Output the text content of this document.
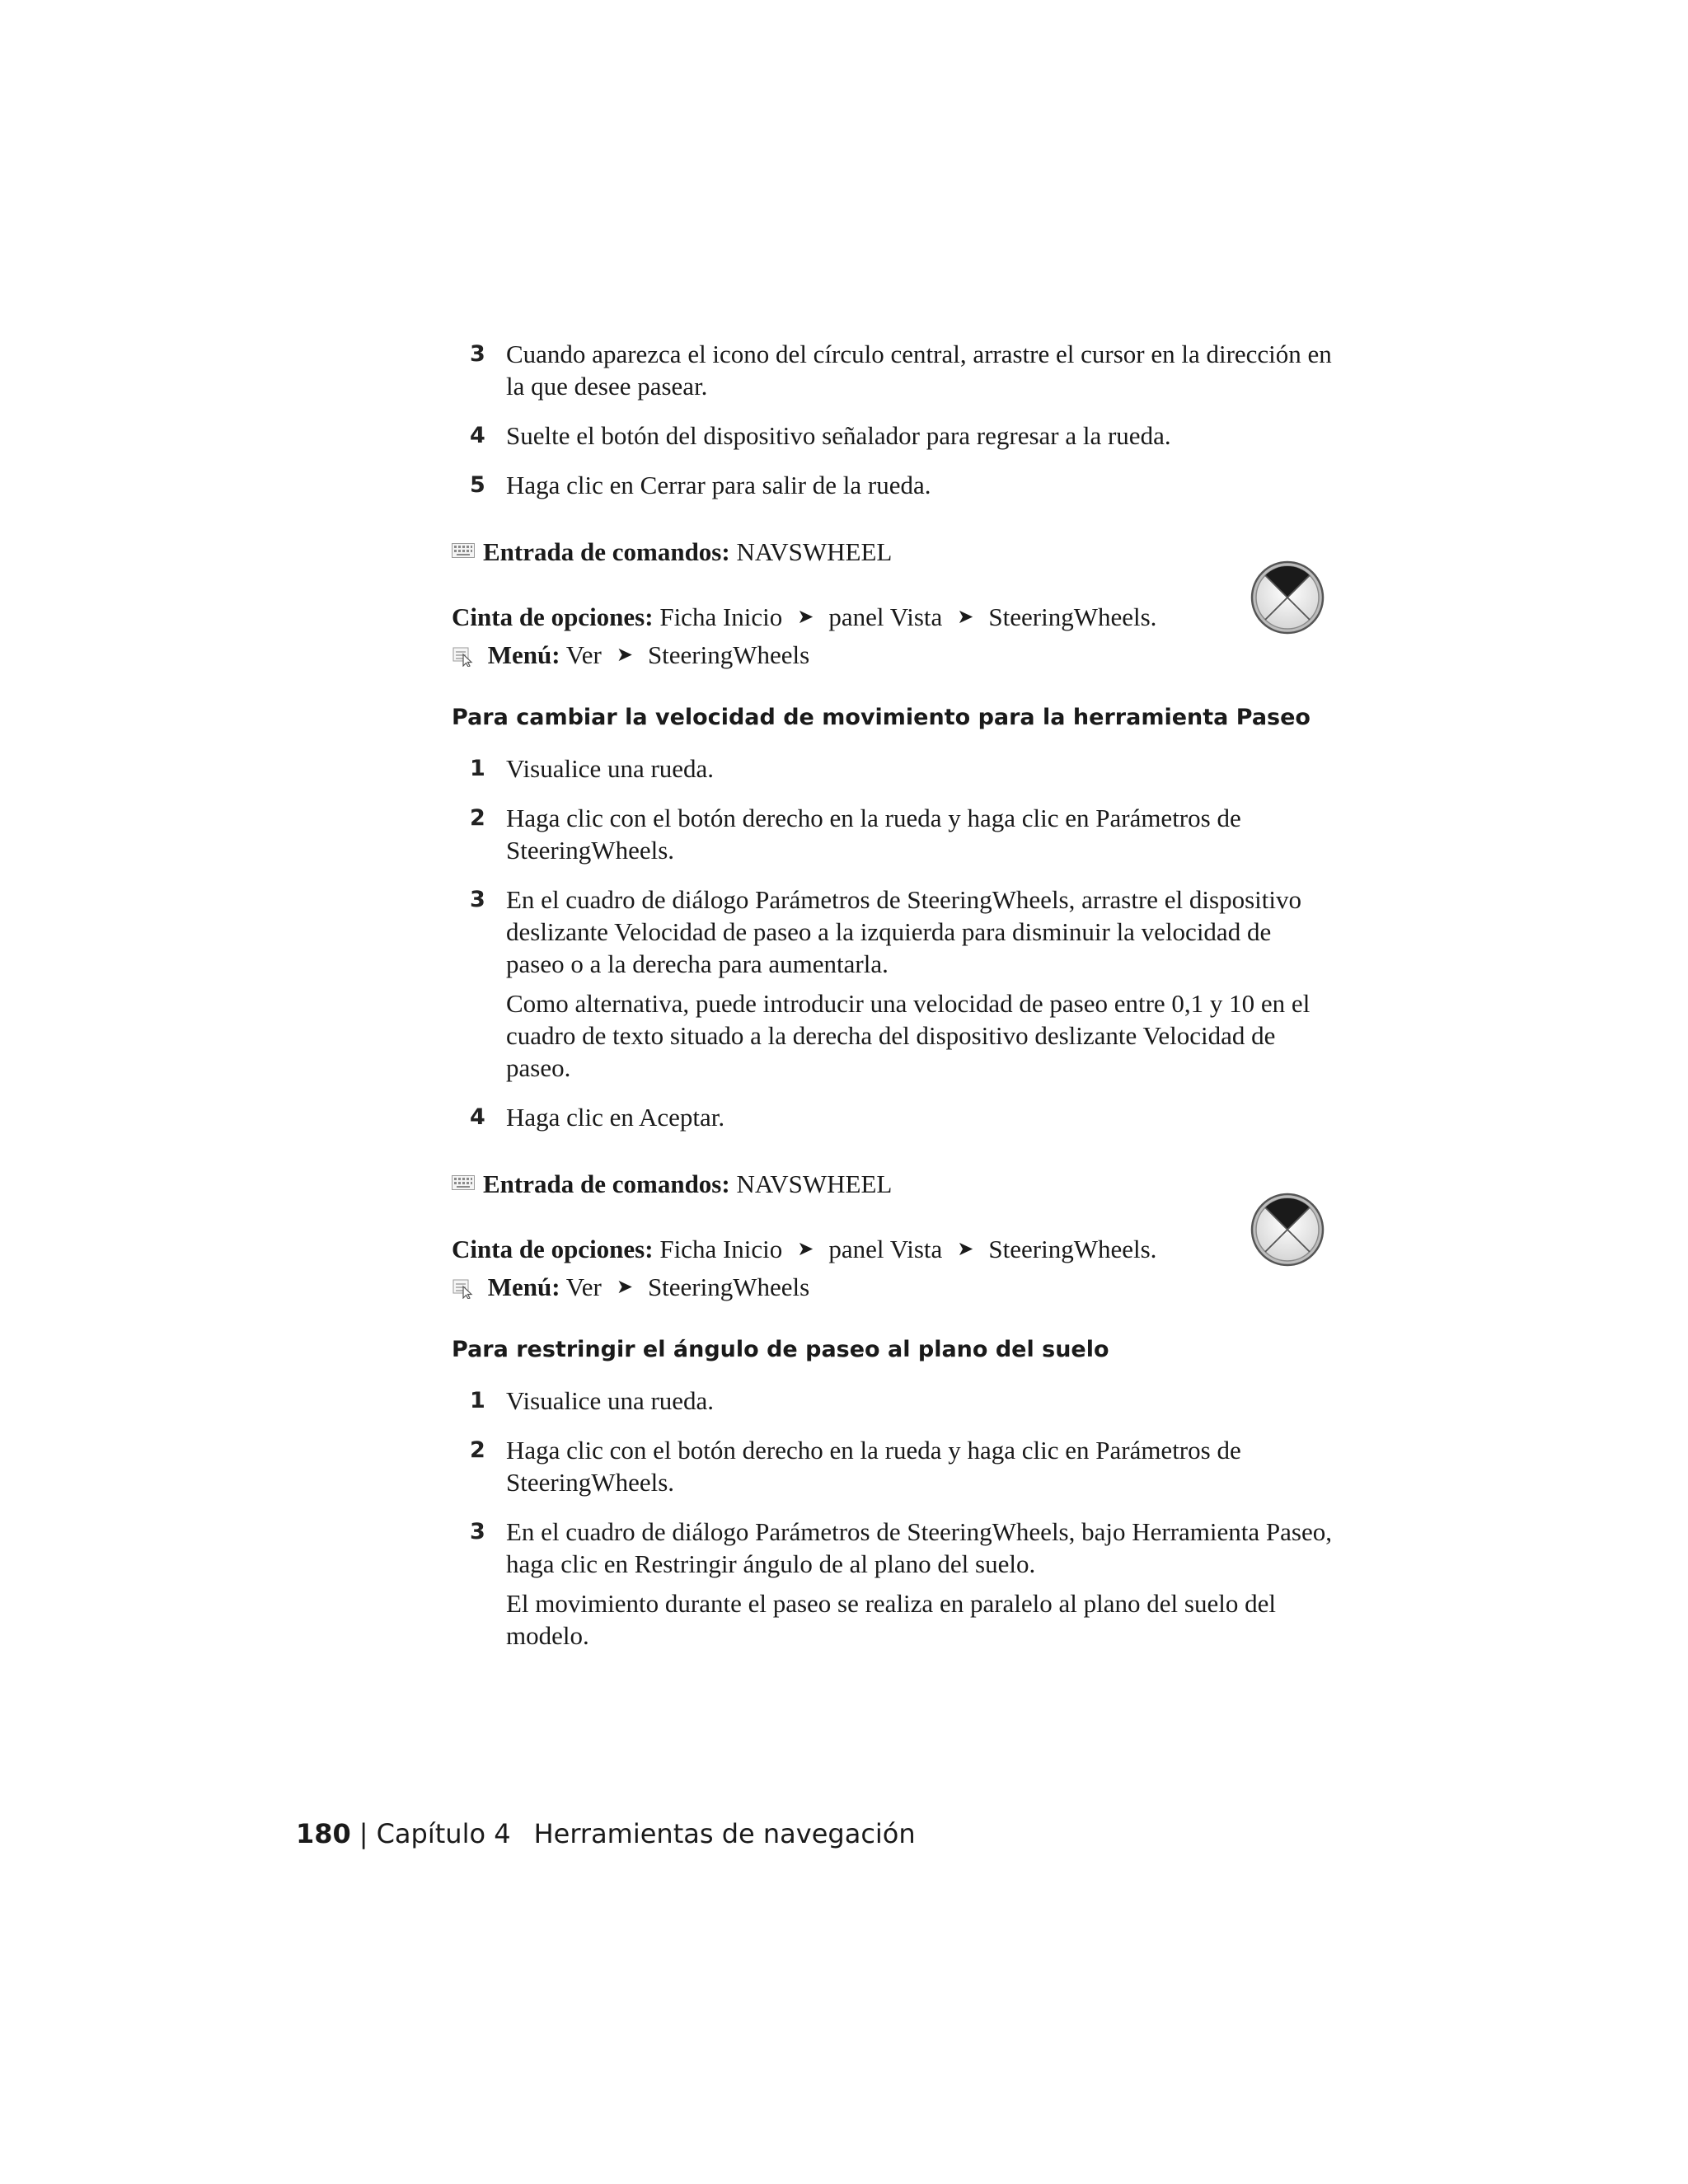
3 Cuando aparezca el icono del círculo central, arrastre el cursor en la dirección en la que desee pasear.
4 Suelte el botón del dispositivo señalador para regresar a la rueda.
5 Haga clic en Cerrar para salir de la rueda.
Entrada de comandos:
NAVSWHEEL
Cinta de opciones: Ficha Inicio ➤ panel Vista ➤ SteeringWheels.
Menú: Ver ➤ SteeringWheels
Para cambiar la velocidad de movimiento para la herramienta Paseo
1 Visualice una rueda.
2 Haga clic con el botón derecho en la rueda y haga clic en Parámetros de SteeringWheels.
3 En el cuadro de diálogo Parámetros de SteeringWheels, arrastre el dispositivo deslizante Velocidad de paseo a la izquierda para disminuir la velocidad de paseo o a la derecha para aumentarla.
Como alternativa, puede introducir una velocidad de paseo entre 0,1 y 10 en el cuadro de texto situado a la derecha del dispositivo deslizante Velocidad de paseo.
4 Haga clic en Aceptar.
Entrada de comandos:
NAVSWHEEL
Cinta de opciones: Ficha Inicio ➤ panel Vista ➤ SteeringWheels.
Menú: Ver ➤ SteeringWheels
Para restringir el ángulo de paseo al plano del suelo
1 Visualice una rueda.
2 Haga clic con el botón derecho en la rueda y haga clic en Parámetros de SteeringWheels.
3 En el cuadro de diálogo Parámetros de SteeringWheels, bajo Herramienta Paseo, haga clic en Restringir ángulo de al plano del suelo.
El movimiento durante el paseo se realiza en paralelo al plano del suelo del modelo.
180 | Capítulo 4 Herramientas de navegación
